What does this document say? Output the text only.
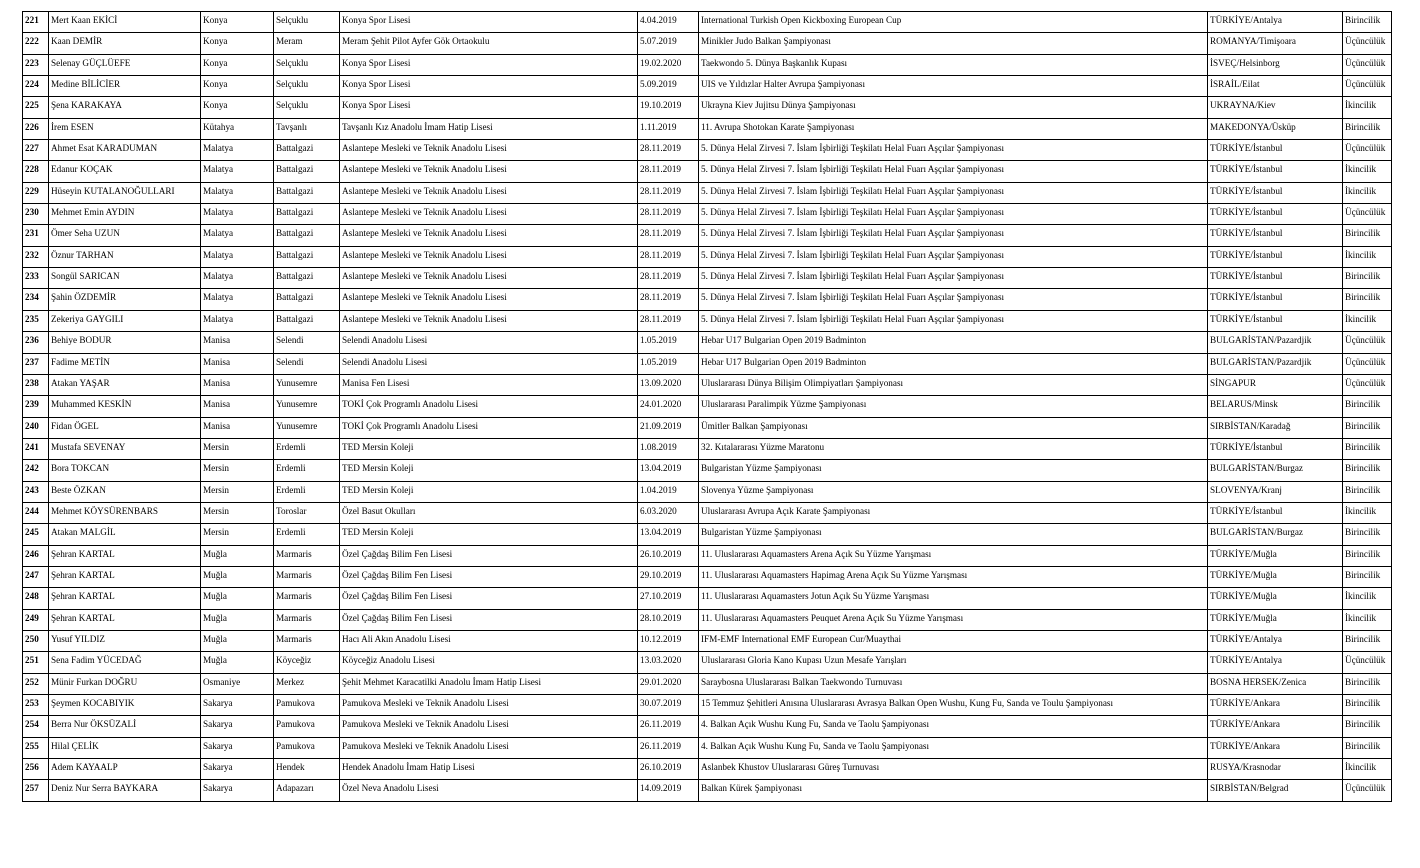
221	Mert Kaan EKİCİ	Konya	Selçuklu	Konya Spor Lisesi	4.04.2019	International Turkish Open Kickboxing European Cup	TÜRKİYE/Antalya	Birincilik
222	Kaan DEMİR	Konya	Meram	Meram Şehit Pilot Ayfer Gök Ortaokulu	5.07.2019	Minikler Judo Balkan Şampiyonası	ROMANYA/Timişoara	Üçüncülük
223	Selenay GÜÇLÜEFE	Konya	Selçuklu	Konya Spor Lisesi	19.02.2020	Taekwondo 5. Dünya Başkanlık Kupası	İSVEÇ/Helsinborg	Üçüncülük
224	Medine BİLİCİER	Konya	Selçuklu	Konya Spor Lisesi	5.09.2019	UIS ve Yıldızlar Halter Avrupa Şampiyonası	İSRAİL/Eilat	Üçüncülük
225	Şena KARAKAYA	Konya	Selçuklu	Konya Spor Lisesi	19.10.2019	Ukrayna Kiev Jujitsu Dünya Şampiyonası	UKRAYNA/Kiev	İkincilik
226	İrem ESEN	Kütahya	Tavşanlı	Tavşanlı Kız Anadolu İmam Hatip Lisesi	1.11.2019	11. Avrupa Shotokan Karate Şampiyonası	MAKEDONYA/Üsküp	Birincilik
227	Ahmet Esat KARADUMAN	Malatya	Battalgazi	Aslantepe Mesleki ve Teknik Anadolu Lisesi	28.11.2019	5. Dünya Helal Zirvesi 7. İslam İşbirliği Teşkilatı Helal Fuarı Aşçılar Şampiyonası	TÜRKİYE/İstanbul	Üçüncülük
228	Edanur KOÇAK	Malatya	Battalgazi	Aslantepe Mesleki ve Teknik Anadolu Lisesi	28.11.2019	5. Dünya Helal Zirvesi 7. İslam İşbirliği Teşkilatı Helal Fuarı Aşçılar Şampiyonası	TÜRKİYE/İstanbul	İkincilik
229	Hüseyin KUTALANOĞULLARI	Malatya	Battalgazi	Aslantepe Mesleki ve Teknik Anadolu Lisesi	28.11.2019	5. Dünya Helal Zirvesi 7. İslam İşbirliği Teşkilatı Helal Fuarı Aşçılar Şampiyonası	TÜRKİYE/İstanbul	İkincilik
230	Mehmet Emin AYDIN	Malatya	Battalgazi	Aslantepe Mesleki ve Teknik Anadolu Lisesi	28.11.2019	5. Dünya Helal Zirvesi 7. İslam İşbirliği Teşkilatı Helal Fuarı Aşçılar Şampiyonası	TÜRKİYE/İstanbul	Üçüncülük
231	Ömer Seha UZUN	Malatya	Battalgazi	Aslantepe Mesleki ve Teknik Anadolu Lisesi	28.11.2019	5. Dünya Helal Zirvesi 7. İslam İşbirliği Teşkilatı Helal Fuarı Aşçılar Şampiyonası	TÜRKİYE/İstanbul	Birincilik
232	Öznur TARHAN	Malatya	Battalgazi	Aslantepe Mesleki ve Teknik Anadolu Lisesi	28.11.2019	5. Dünya Helal Zirvesi 7. İslam İşbirliği Teşkilatı Helal Fuarı Aşçılar Şampiyonası	TÜRKİYE/İstanbul	İkincilik
233	Songül SARICAN	Malatya	Battalgazi	Aslantepe Mesleki ve Teknik Anadolu Lisesi	28.11.2019	5. Dünya Helal Zirvesi 7. İslam İşbirliği Teşkilatı Helal Fuarı Aşçılar Şampiyonası	TÜRKİYE/İstanbul	Birincilik
234	Şahin ÖZDEMİR	Malatya	Battalgazi	Aslantepe Mesleki ve Teknik Anadolu Lisesi	28.11.2019	5. Dünya Helal Zirvesi 7. İslam İşbirliği Teşkilatı Helal Fuarı Aşçılar Şampiyonası	TÜRKİYE/İstanbul	Birincilik
235	Zekeriya GAYGILI	Malatya	Battalgazi	Aslantepe Mesleki ve Teknik Anadolu Lisesi	28.11.2019	5. Dünya Helal Zirvesi 7. İslam İşbirliği Teşkilatı Helal Fuarı Aşçılar Şampiyonası	TÜRKİYE/İstanbul	İkincilik
236	Behiye BODUR	Manisa	Selendi	Selendi Anadolu Lisesi	1.05.2019	Hebar U17 Bulgarian Open 2019 Badminton	BULGARİSTAN/Pazardjik	Üçüncülük
237	Fadime METİN	Manisa	Selendi	Selendi Anadolu Lisesi	1.05.2019	Hebar U17 Bulgarian Open 2019 Badminton	BULGARİSTAN/Pazardjik	Üçüncülük
238	Atakan YAŞAR	Manisa	Yunusemre	Manisa Fen Lisesi	13.09.2020	Uluslararası Dünya Bilişim Olimpiyatları Şampiyonası	SİNGAPUR	Üçüncülük
239	Muhammed KESKİN	Manisa	Yunusemre	TOKİ Çok Programlı Anadolu Lisesi	24.01.2020	Uluslararası Paralimpik Yüzme Şampiyonası	BELARUS/Minsk	Birincilik
240	Fidan ÖGEL	Manisa	Yunusemre	TOKİ Çok Programlı Anadolu Lisesi	21.09.2019	Ümitler Balkan Şampiyonası	SIRBİSTAN/Karadağ	Birincilik
241	Mustafa SEVENAY	Mersin	Erdemli	TED Mersin Koleji	1.08.2019	32. Kıtalararası Yüzme Maratonu	TÜRKİYE/İstanbul	Birincilik
242	Bora TOKCAN	Mersin	Erdemli	TED Mersin Koleji	13.04.2019	Bulgaristan Yüzme Şampiyonası	BULGARİSTAN/Burgaz	Birincilik
243	Beste ÖZKAN	Mersin	Erdemli	TED Mersin Koleji	1.04.2019	Slovenya Yüzme Şampiyonası	SLOVENYA/Kranj	Birincilik
244	Mehmet KÖYSÜRENBARS	Mersin	Toroslar	Özel Basut Okulları	6.03.2020	Uluslararası Avrupa Açık Karate Şampiyonası	TÜRKİYE/İstanbul	İkincilik
245	Atakan MALGİL	Mersin	Erdemli	TED Mersin Koleji	13.04.2019	Bulgaristan Yüzme Şampiyonası	BULGARİSTAN/Burgaz	Birincilik
246	Şehran KARTAL	Muğla	Marmaris	Özel Çağdaş Bilim Fen Lisesi	26.10.2019	11. Uluslararası Aquamasters Arena Açık Su Yüzme Yarışması	TÜRKİYE/Muğla	Birincilik
247	Şehran KARTAL	Muğla	Marmaris	Özel Çağdaş Bilim Fen Lisesi	29.10.2019	11. Uluslararası Aquamasters Hapimag Arena Açık Su Yüzme Yarışması	TÜRKİYE/Muğla	Birincilik
248	Şehran KARTAL	Muğla	Marmaris	Özel Çağdaş Bilim Fen Lisesi	27.10.2019	11. Uluslararası Aquamasters Jotun Açık Su Yüzme Yarışması	TÜRKİYE/Muğla	İkincilik
249	Şehran KARTAL	Muğla	Marmaris	Özel Çağdaş Bilim Fen Lisesi	28.10.2019	11. Uluslararası Aquamasters Peuquet Arena Açık Su Yüzme Yarışması	TÜRKİYE/Muğla	İkincilik
250	Yusuf YILDIZ	Muğla	Marmaris	Hacı Ali Akın Anadolu Lisesi	10.12.2019	IFM-EMF International EMF European Cur/Muaythai	TÜRKİYE/Antalya	Birincilik
251	Sena Fadim YÜCEDAĞ	Muğla	Köyceğiz	Köyceğiz Anadolu Lisesi	13.03.2020	Uluslararası Gloria Kano Kupası Uzun Mesafe Yarışları	TÜRKİYE/Antalya	Üçüncülük
252	Münir Furkan DOĞRU	Osmaniye	Merkez	Şehit Mehmet Karacatilki Anadolu İmam Hatip Lisesi	29.01.2020	Saraybosna Uluslararası Balkan Taekwondo Turnuvası	BOSNA HERSEK/Zenica	Birincilik
253	Şeymen KOCABIYIK	Sakarya	Pamukova	Pamukova Mesleki ve Teknik Anadolu Lisesi	30.07.2019	15 Temmuz Şehitleri Anısına Uluslararası Avrasya Balkan Open Wushu, Kung Fu, Sanda ve Toulu Şampiyonası	TÜRKİYE/Ankara	Birincilik
254	Berra Nur ÖKSÜZALİ	Sakarya	Pamukova	Pamukova Mesleki ve Teknik Anadolu Lisesi	26.11.2019	4. Balkan Açık Wushu Kung Fu, Sanda ve Taolu Şampiyonası	TÜRKİYE/Ankara	Birincilik
255	Hilal ÇELİK	Sakarya	Pamukova	Pamukova Mesleki ve Teknik Anadolu Lisesi	26.11.2019	4. Balkan Açık Wushu Kung Fu, Sanda ve Taolu Şampiyonası	TÜRKİYE/Ankara	Birincilik
256	Adem KAYAALP	Sakarya	Hendek	Hendek Anadolu İmam Hatip Lisesi	26.10.2019	Aslanbek Khustov Uluslararası Güreş Turnuvası	RUSYA/Krasnodar	İkincilik
257	Deniz Nur Serra BAYKARA	Sakarya	Adapazarı	Özel Neva Anadolu Lisesi	14.09.2019	Balkan Kürek Şampiyonası	SIRBİSTAN/Belgrad	Üçüncülük
